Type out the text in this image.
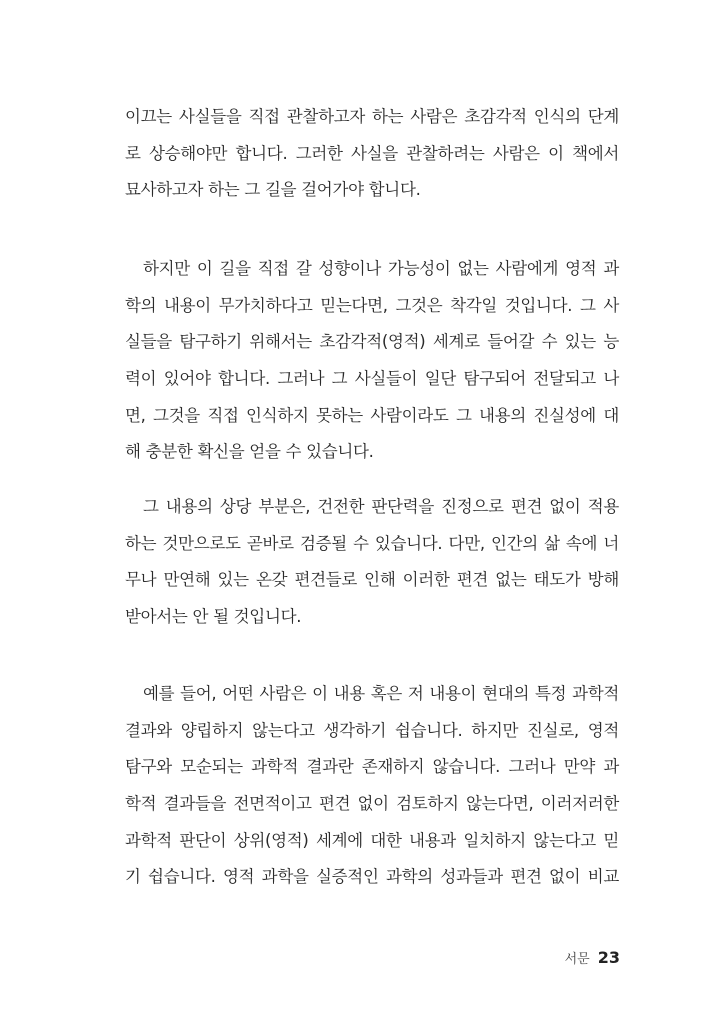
이끄는 사실들을 직접 관찰하고자 하는 사람은 초감각적 인식의 단계
로 상승해야만 합니다. 그러한 사실을 관찰하려는 사람은 이 책에서
묘사하고자 하는 그 길을 걸어가야 합니다.
하지만 이 길을 직접 갈 성향이나 가능성이 없는 사람에게 영적 과
학의 내용이 무가치하다고 믿는다면, 그것은 착각일 것입니다. 그 사
실들을 탐구하기 위해서는 초감각적(영적) 세계로 들어갈 수 있는 능
력이 있어야 합니다. 그러나 그 사실들이 일단 탐구되어 전달되고 나
면, 그것을 직접 인식하지 못하는 사람이라도 그 내용의 진실성에 대
해 충분한 확신을 얻을 수 있습니다.
그 내용의 상당 부분은, 건전한 판단력을 진정으로 편견 없이 적용
하는 것만으로도 곧바로 검증될 수 있습니다. 다만, 인간의 삶 속에 너
무나 만연해 있는 온갖 편견들로 인해 이러한 편견 없는 태도가 방해
받아서는 안 될 것입니다.
예를 들어, 어떤 사람은 이 내용 혹은 저 내용이 현대의 특정 과학적
결과와 양립하지 않는다고 생각하기 쉽습니다. 하지만 진실로, 영적
탐구와 모순되는 과학적 결과란 존재하지 않습니다. 그러나 만약 과
학적 결과들을 전면적이고 편견 없이 검토하지 않는다면, 이러저러한
과학적 판단이 상위(영적) 세계에 대한 내용과 일치하지 않는다고 믿
기 쉽습니다. 영적 과학을 실증적인 과학의 성과들과 편견 없이 비교
서문 23
